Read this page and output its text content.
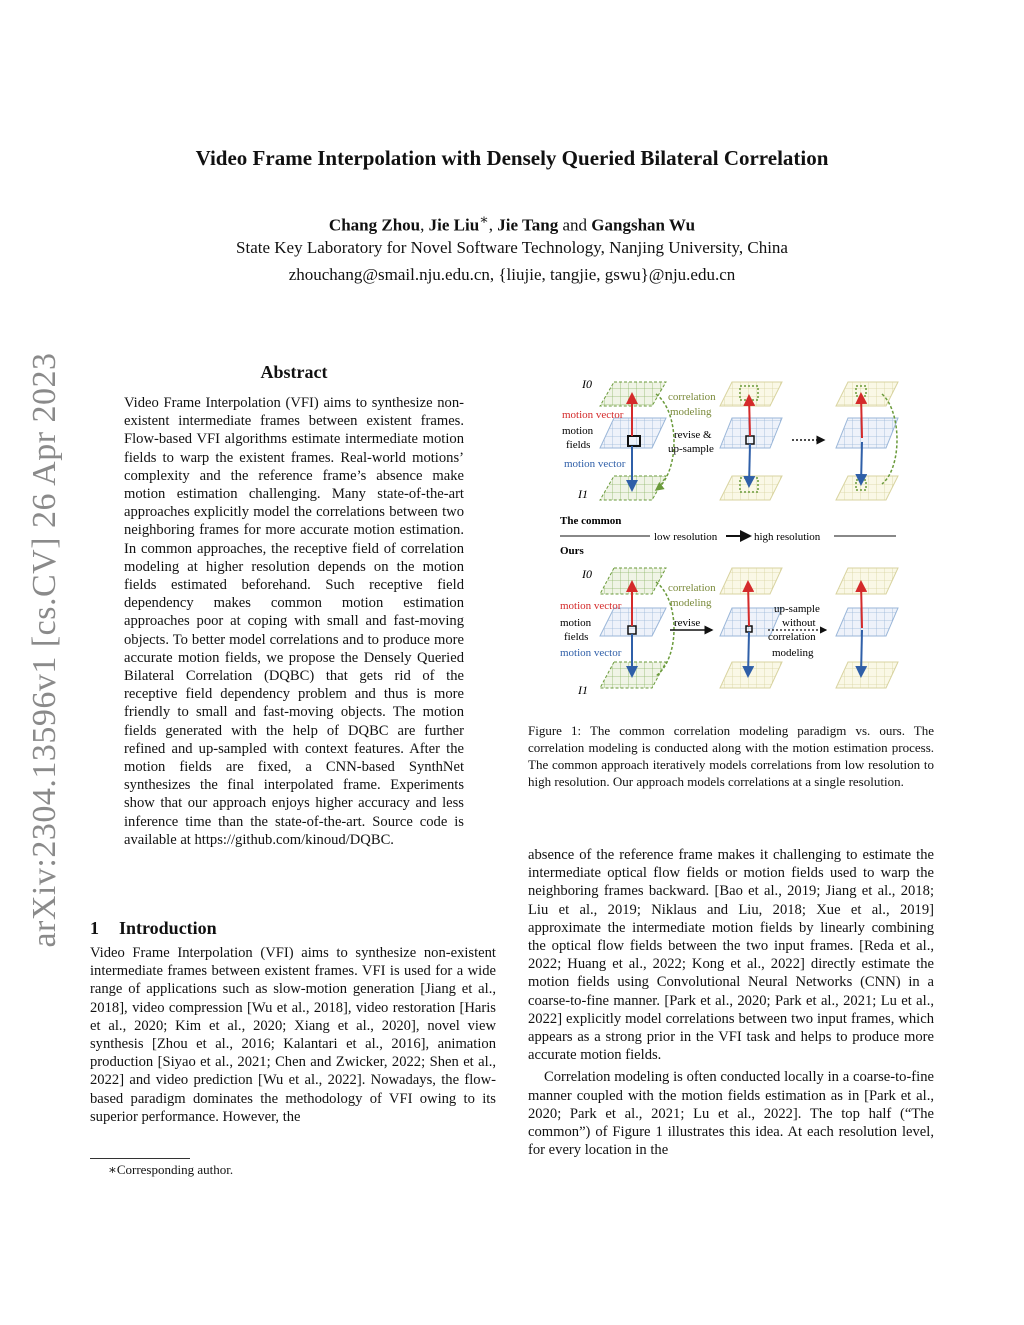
Video Frame Interpolation with Densely Queried Bilateral Correlation
Chang Zhou, Jie Liu∗, Jie Tang and Gangshan Wu
State Key Laboratory for Novel Software Technology, Nanjing University, China
zhouchang@smail.nju.edu.cn, {liujie, tangjie, gswu}@nju.edu.cn
arXiv:2304.13596v1 [cs.CV] 26 Apr 2023	Abstract
Video Frame Interpolation (VFI) aims to synthesize non-existent intermediate frames between existent frames. Flow-based VFI algorithms estimate intermediate motion fields to warp the existent frames. Real-world motions’ complexity and the reference frame’s absence make motion estimation challenging. Many state-of-the-art approaches explicitly model the correlations between two neighboring frames for more accurate motion estimation. In common approaches, the receptive field of correlation modeling at higher resolution depends on the motion fields estimated beforehand. Such receptive field dependency makes common motion estimation approaches poor at coping with small and fast-moving objects. To better model correlations and to produce more accurate motion fields, we propose the Densely Queried Bilateral Correlation (DQBC) that gets rid of the receptive field dependency problem and thus is more friendly to small and fast-moving objects. The motion fields generated with the help of DQBC are further refined and up-sampled with context features. After the motion fields are fixed, a CNN-based SynthNet synthesizes the final interpolated frame. Experiments show that our approach enjoys higher accuracy and less inference time than the state-of-the-art. Source code is available at https://github.com/kinoud/DQBC.
1 Introduction
Video Frame Interpolation (VFI) aims to synthesize non-existent intermediate frames between existent frames. VFI is used for a wide range of applications such as slow-motion generation [Jiang et al., 2018], video compression [Wu et al., 2018], video restoration [Haris et al., 2020; Kim et al., 2020; Xiang et al., 2020], novel view synthesis [Zhou et al., 2016; Kalantari et al., 2016], animation production [Siyao et al., 2021; Chen and Zwicker, 2022; Shen et al., 2022] and video prediction [Wu et al., 2022]. Nowadays, the flow-based paradigm dominates the methodology of VFI owing to its superior performance. However, the
∗Corresponding author.
I0
motion vector
motion
fields
motion vector
I1
correlation
modeling
revise &
up-sample
The common
low resolution	high resolution
Ours
I0
motion vector
motion
fields
motion vector
I1
correlation
modeling
revise
up-sample
without
correlation
modeling
Figure 1: The common correlation modeling paradigm vs. ours. The correlation modeling is conducted along with the motion estimation process. The common approach iteratively models correlations from low resolution to high resolution. Our approach models correlations at a single resolution.

absence of the reference frame makes it challenging to estimate the intermediate optical flow fields or motion fields used to warp the neighboring frames backward. [Bao et al., 2019; Jiang et al., 2018; Liu et al., 2019; Niklaus and Liu, 2018; Xue et al., 2019] approximate the intermediate motion fields by linearly combining the optical flow fields between the two input frames. [Reda et al., 2022; Huang et al., 2022; Kong et al., 2022] directly estimate the motion fields using Convolutional Neural Networks (CNN) in a coarse-to-fine manner. [Park et al., 2020; Park et al., 2021; Lu et al., 2022] explicitly model correlations between two input frames, which appears as a strong prior in the VFI task and helps to produce more accurate motion fields.

Correlation modeling is often conducted locally in a coarse-to-fine manner coupled with the motion fields estimation as in [Park et al., 2020; Park et al., 2021; Lu et al., 2022]. The top half (“The common”) of Figure 1 illustrates this idea. At each resolution level, for every location in the
